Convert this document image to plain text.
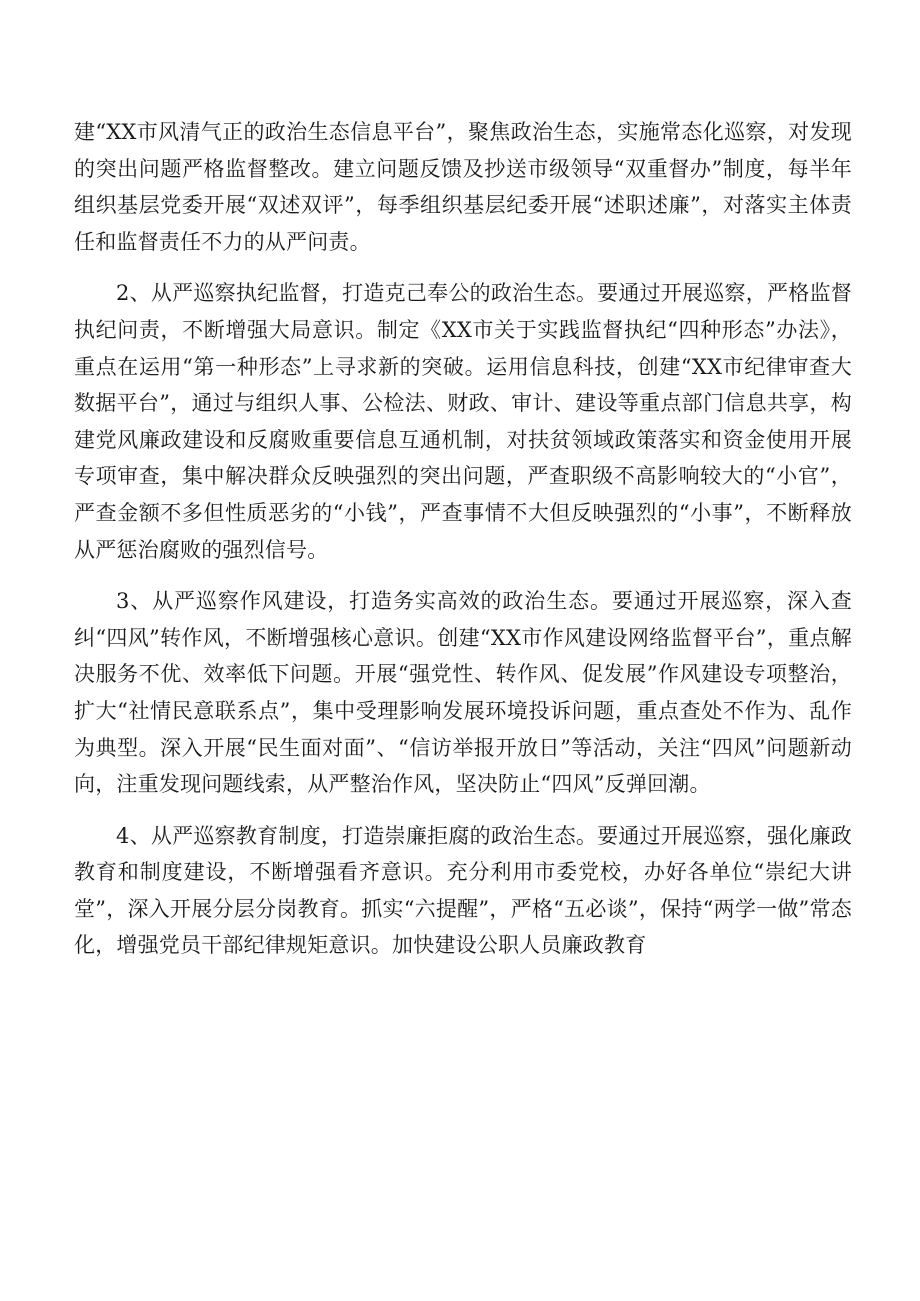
建“XX市风清气正的政治生态信息平台”，聚焦政治生态，实施常态化巡察，对发现的突出问题严格监督整改。建立问题反馈及抄送市级领导“双重督办”制度，每半年组织基层党委开展“双述双评”，每季组织基层纪委开展“述职述廉”，对落实主体责任和监督责任不力的从严问责。

2、从严巡察执纪监督，打造克己奉公的政治生态。要通过开展巡察，严格监督执纪问责，不断增强大局意识。制定《XX市关于实践监督执纪“四种形态”办法》，重点在运用“第一种形态”上寻求新的突破。运用信息科技，创建“XX市纪律审查大数据平台”，通过与组织人事、公检法、财政、审计、建设等重点部门信息共享，构建党风廉政建设和反腐败重要信息互通机制，对扶贫领域政策落实和资金使用开展专项审查，集中解决群众反映强烈的突出问题，严查职级不高影响较大的“小官”，严查金额不多但性质恶劣的“小钱”，严查事情不大但反映强烈的“小事”，不断释放从严惩治腐败的强烈信号。

3、从严巡察作风建设，打造务实高效的政治生态。要通过开展巡察，深入查纠“四风”转作风，不断增强核心意识。创建“XX市作风建设网络监督平台”，重点解决服务不优、效率低下问题。开展“强党性、转作风、促发展”作风建设专项整治，扩大“社情民意联系点”，集中受理影响发展环境投诉问题，重点查处不作为、乱作为典型。深入开展“民生面对面”、“信访举报开放日”等活动，关注“四风”问题新动向，注重发现问题线索，从严整治作风，坚决防止“四风”反弹回潮。

4、从严巡察教育制度，打造崇廉拒腐的政治生态。要通过开展巡察，强化廉政教育和制度建设，不断增强看齐意识。充分利用市委党校，办好各单位“崇纪大讲堂”，深入开展分层分岗教育。抓实“六提醒”，严格“五必谈”，保持“两学一做”常态化，增强党员干部纪律规矩意识。加快建设公职人员廉政教育
